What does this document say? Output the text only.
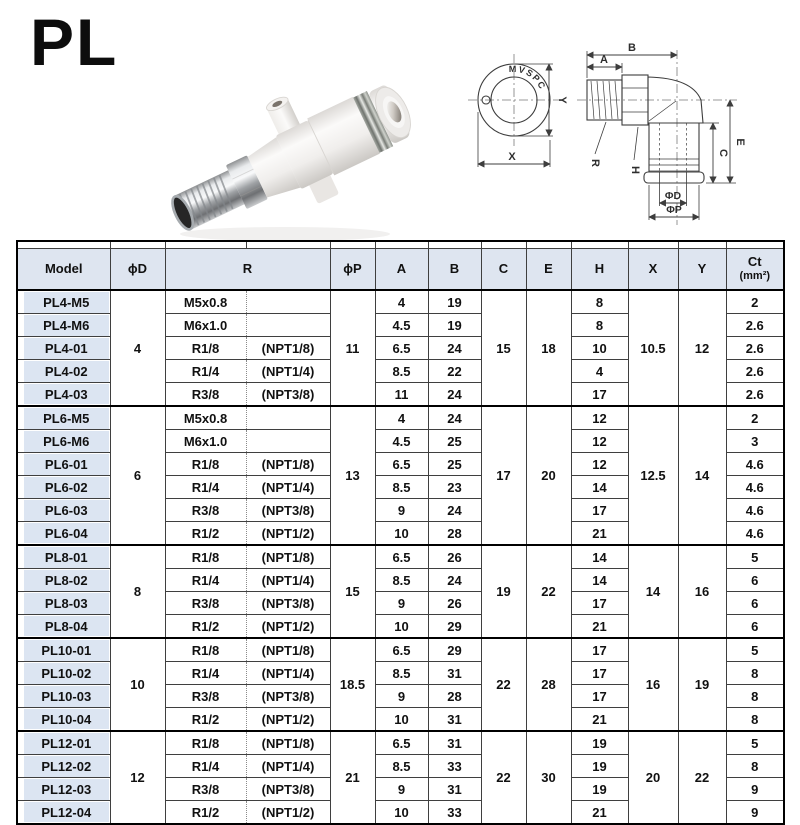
PL	MVSPC
Y
X
A
B
C
E
R
H
ΦD
ΦP

Model	ϕD	R		ϕP	A	B	C	E	H	X	Y	Ct
(mm²)

PL4-M5	4	M5x0.8		11	4	19	15	18	8	10.5	12	2
PL4-M6		M6x1.0			4.5	19			8			2.6
PL4-01		R1/8	(NPT1/8)		6.5	24			10			2.6
PL4-02		R1/4	(NPT1/4)		8.5	22			4			2.6
PL4-03		R3/8	(NPT3/8)		11	24			17			2.6
PL6-M5	6	M5x0.8		13	4	24	17	20	12	12.5	14	2
PL6-M6		M6x1.0			4.5	25			12			3
PL6-01		R1/8	(NPT1/8)		6.5	25			12			4.6
PL6-02		R1/4	(NPT1/4)		8.5	23			14			4.6
PL6-03		R3/8	(NPT3/8)		9	24			17			4.6
PL6-04		R1/2	(NPT1/2)		10	28			21			4.6
PL8-01	8	R1/8	(NPT1/8)	15	6.5	26	19	22	14	14	16	5
PL8-02		R1/4	(NPT1/4)		8.5	24			14			6
PL8-03		R3/8	(NPT3/8)		9	26			17			6
PL8-04		R1/2	(NPT1/2)		10	29			21			6
PL10-01	10	R1/8	(NPT1/8)	18.5	6.5	29	22	28	17	16	19	5
PL10-02		R1/4	(NPT1/4)		8.5	31			17			8
PL10-03		R3/8	(NPT3/8)		9	28			17			8
PL10-04		R1/2	(NPT1/2)		10	31			21			8
PL12-01	12	R1/8	(NPT1/8)	21	6.5	31	22	30	19	20	22	5
PL12-02		R1/4	(NPT1/4)		8.5	33			19			8
PL12-03		R3/8	(NPT3/8)		9	31			19			9
PL12-04		R1/2	(NPT1/2)		10	33			21			9
